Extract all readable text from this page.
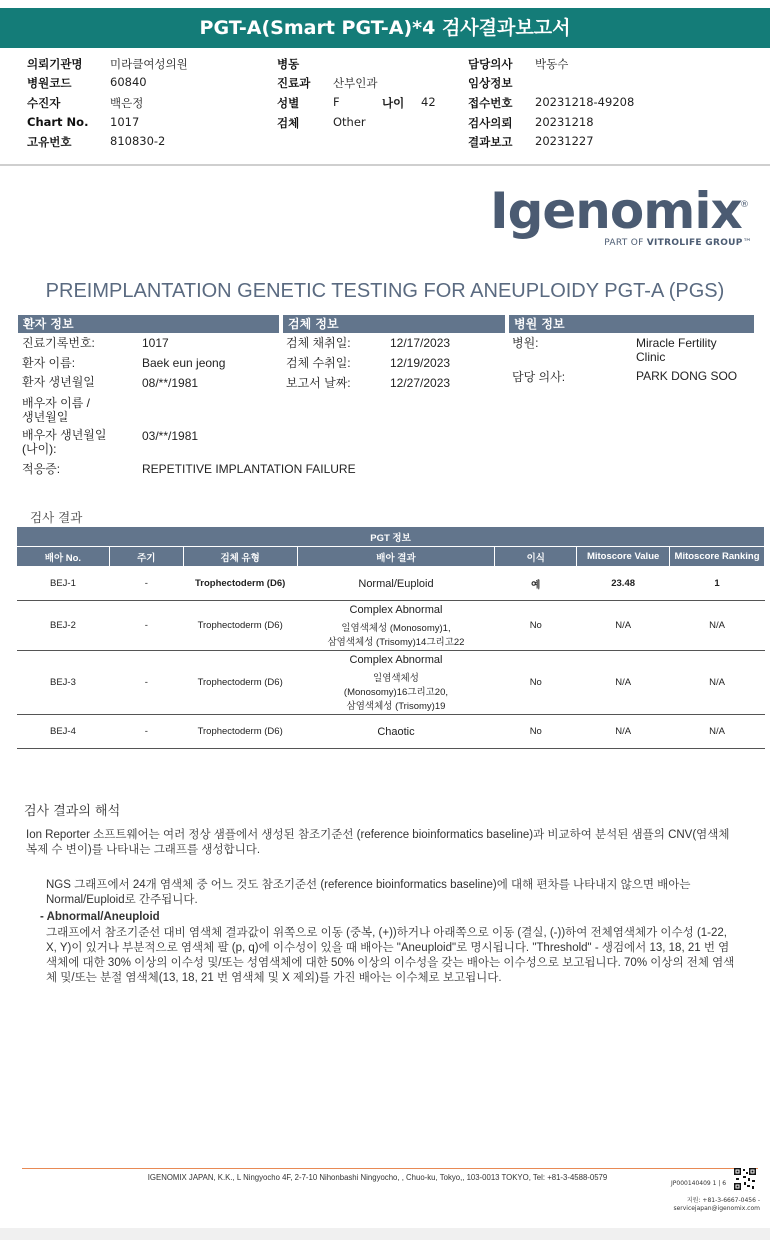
PGT-A(Smart PGT-A)*4 검사결과보고서
의뢰기관명 미라클여성의원
병원코드	60840
수진자	백은정
Chart No. 1017
고유번호	810830-2
병동
진료과 산부인과
성별	F	나이 42
검체	Other
담당의사 박동수
임상정보
접수번호 20231218-49208
검사의뢰 20231218
결과보고 20231227
Igenomix
®
PART OF VITROLIFE GROUP™
PREIMPLANTATION GENETIC TESTING FOR ANEUPLOIDY PGT-A (PGS)
환자 정보	검체 정보	병원 정보
진료기록번호:	1017
환자 이름:	Baek eun jeong
환자 생년월일	08/**/1981
배우자 이름 /
생년월일
배우자 생년월일
(나이):
03/**/1981
적응증:	REPETITIVE IMPLANTATION FAILURE
검체 채취일:	12/17/2023
검체 수취일:	12/19/2023
보고서 날짜:	12/27/2023
병원:	Miracle Fertility
Clinic
담당 의사:	PARK DONG SOO
검사 결과
PGT 정보						
배아 No.	주기	검체 유형	배아 결과	이식	Mitoscore Value	Mitoscore Ranking
BEJ-1	-	Trophectoderm (D6)	Normal/Euploid	예	23.48	1
BEJ-2	-	Trophectoderm (D6)	Complex Abnormal
일염색체성 (Monosomy)1,
삼염색체성 (Trisomy)14그리고22	No	N/A	N/A
BEJ-3	-	Trophectoderm (D6)	Complex Abnormal
일염색체성
(Monosomy)16그리고20,
삼염색체성 (Trisomy)19	No	N/A	N/A
BEJ-4	-	Trophectoderm (D6)	Chaotic	No	N/A	N/A
검사 결과의 해석
Ion Reporter 소프트웨어는 여러 정상 샘플에서 생성된 참조기준선 (reference bioinformatics baseline)과 비교하여 분석된 샘플의 CNV(염색체 복제 수 변이)를 나타내는 그래프를 생성합니다.
NGS 그래프에서 24개 염색체 중 어느 것도 참조기준선 (reference bioinformatics baseline)에 대해 편차를 나타내지 않으면 배아는 Normal/Euploid로 간주됩니다.
- Abnormal/Aneuploid
그래프에서 참조기준선 대비 염색체 결과값이 위쪽으로 이동 (중복, (+))하거나 아래쪽으로 이동 (결실, (-))하여 전체염색체가 이수성 (1-22, X, Y)이 있거나 부분적으로 염색체 팔 (p, q)에 이수성이 있을 때 배아는 "Aneuploid"로 명시됩니다. "Threshold" - 생검에서 13, 18, 21 번 염색체에 대한 30% 이상의 이수성 및/또는 성염색체에 대한 50% 이상의 이수성을 갖는 배아는 이수성으로 보고됩니다. 70% 이상의 전체 염색체 및/또는 분절 염색체(13, 18, 21 번 염색체 및 X 제외)를 가진 배아는 이수체로 보고됩니다.
IGENOMIX JAPAN, K.K., L Ningyocho 4F, 2-7-10 Nihonbashi Ningyocho, , Chuo-ku, Tokyo,, 103-0013 TOKYO, Tel: +81-3-4588-0579
JP000140409 1 | 6
지원: +81-3-6667-0456 -
servicejapan@igenomix.com
